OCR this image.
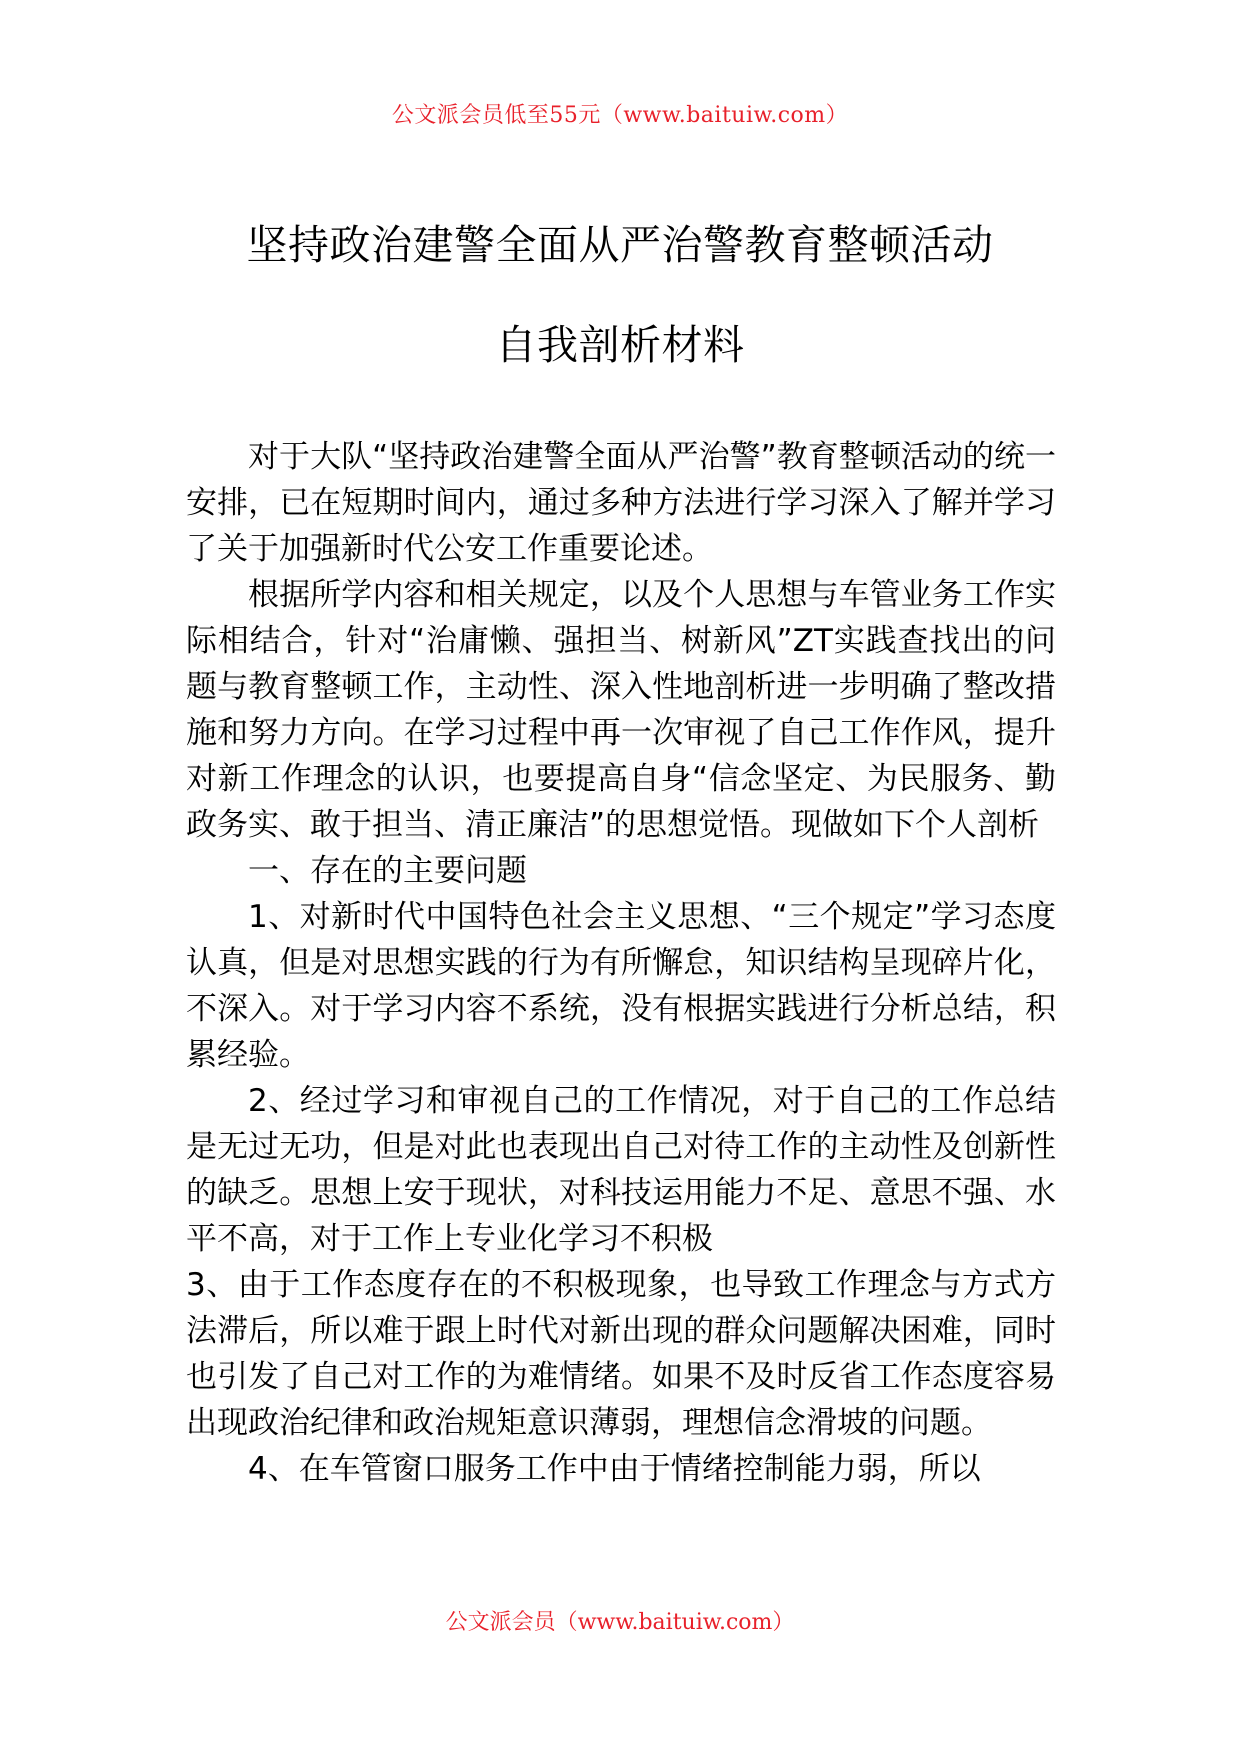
公文派会员低至55元（www.baituiw.com）
坚持政治建警全面从严治警教育整顿活动
自我剖析材料

对于大队“坚持政治建警全面从严治警”教育整顿活动的统一安排，已在短期时间内，通过多种方法进行学习深入了解并学习了关于加强新时代公安工作重要论述。

根据所学内容和相关规定，以及个人思想与车管业务工作实际相结合，针对“治庸懒、强担当、树新风”ZT实践查找出的问题与教育整顿工作，主动性、深入性地剖析进一步明确了整改措施和努力方向。在学习过程中再一次审视了自己工作作风，提升对新工作理念的认识，也要提高自身“信念坚定、为民服务、勤政务实、敢于担当、清正廉洁”的思想觉悟。现做如下个人剖析

一、存在的主要问题

1、对新时代中国特色社会主义思想、“三个规定”学习态度认真，但是对思想实践的行为有所懈怠，知识结构呈现碎片化，不深入。对于学习内容不系统，没有根据实践进行分析总结，积累经验。

2、经过学习和审视自己的工作情况，对于自己的工作总结是无过无功，但是对此也表现出自己对待工作的主动性及创新性的缺乏。思想上安于现状，对科技运用能力不足、意思不强、水平不高，对于工作上专业化学习不积极

3、由于工作态度存在的不积极现象，也导致工作理念与方式方法滞后，所以难于跟上时代对新出现的群众问题解决困难，同时也引发了自己对工作的为难情绪。如果不及时反省工作态度容易出现政治纪律和政治规矩意识薄弱，理想信念滑坡的问题。

4、在车管窗口服务工作中由于情绪控制能力弱，所以

公文派会员（www.baituiw.com）
